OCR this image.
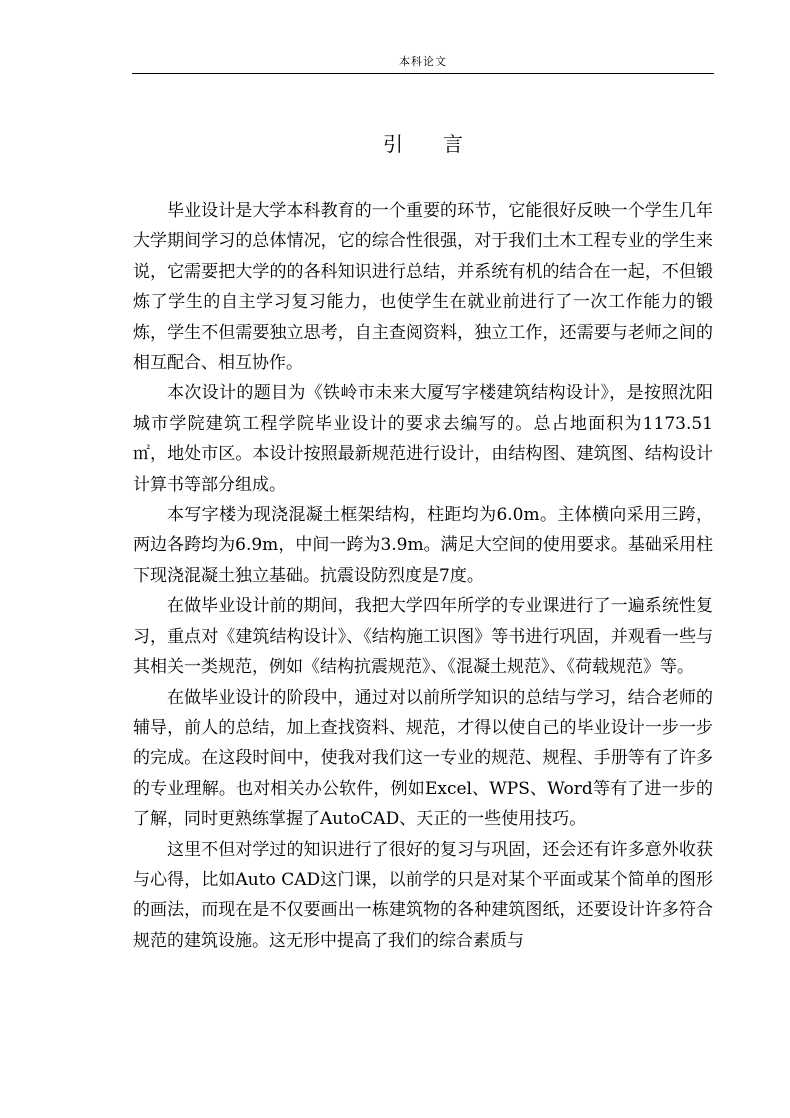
本科论文
引言

毕业设计是大学本科教育的一个重要的环节，它能很好反映一个学生几年大学期间学习的总体情况，它的综合性很强，对于我们土木工程专业的学生来说，它需要把大学的的各科知识进行总结，并系统有机的结合在一起，不但锻炼了学生的自主学习复习能力，也使学生在就业前进行了一次工作能力的锻炼，学生不但需要独立思考，自主查阅资料，独立工作，还需要与老师之间的相互配合、相互协作。

本次设计的题目为《铁岭市未来大厦写字楼建筑结构设计》，是按照沈阳城市学院建筑工程学院毕业设计的要求去编写的。总占地面积为1173.51 ㎡，地处市区。本设计按照最新规范进行设计，由结构图、建筑图、结构设计计算书等部分组成。

本写字楼为现浇混凝土框架结构，柱距均为6.0m。主体横向采用三跨，两边各跨均为6.9m，中间一跨为3.9m。满足大空间的使用要求。基础采用柱下现浇混凝土独立基础。抗震设防烈度是7度。

在做毕业设计前的期间，我把大学四年所学的专业课进行了一遍系统性复习，重点对《建筑结构设计》、《结构施工识图》等书进行巩固，并观看一些与其相关一类规范，例如《结构抗震规范》、《混凝土规范》、《荷载规范》等。

在做毕业设计的阶段中，通过对以前所学知识的总结与学习，结合老师的辅导，前人的总结，加上查找资料、规范，才得以使自己的毕业设计一步一步的完成。在这段时间中，使我对我们这一专业的规范、规程、手册等有了许多的专业理解。也对相关办公软件，例如Excel、WPS、Word等有了进一步的了解，同时更熟练掌握了AutoCAD、天正的一些使用技巧。

这里不但对学过的知识进行了很好的复习与巩固，还会还有许多意外收获与心得，比如Auto CAD这门课，以前学的只是对某个平面或某个简单的图形的画法，而现在是不仅要画出一栋建筑物的各种建筑图纸，还要设计许多符合规范的建筑设施。这无形中提高了我们的综合素质与
